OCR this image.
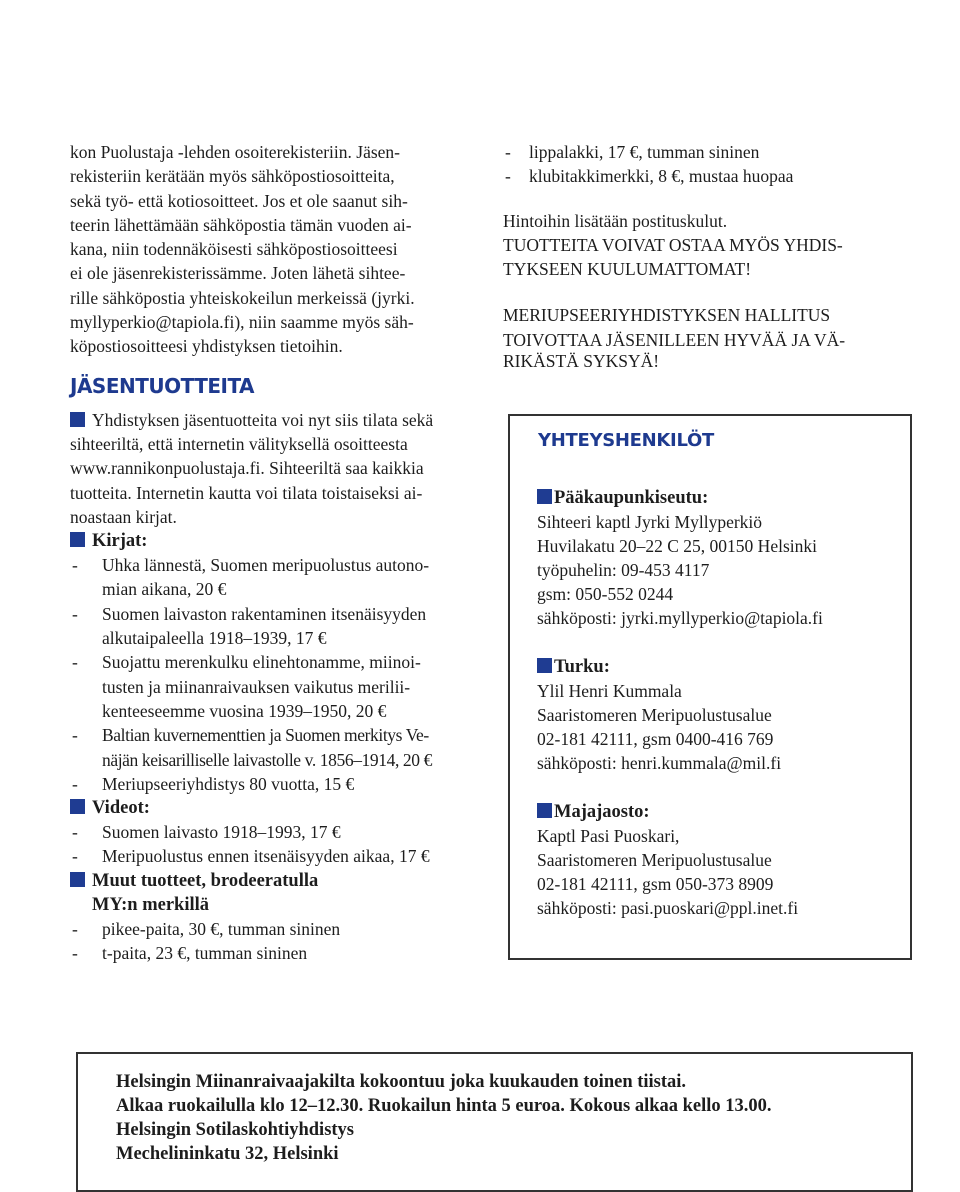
kon Puolustaja -lehden osoiterekisteriin. Jäsen-
rekisteriin kerätään myös sähköpostiosoitteita,
sekä työ- että kotiosoitteet. Jos et ole saanut sih-
teerin lähettämään sähköpostia tämän vuoden ai-
kana, niin todennäköisesti sähköpostiosoitteesi
ei ole jäsenrekisterissämme. Joten lähetä sihtee-
rille sähköpostia yhteiskokeilun merkeissä (jyrki.
myllyperkio@tapiola.fi), niin saamme myös säh-
köpostiosoitteesi yhdistyksen tietoihin.
JÄSENTUOTTEITA
Yhdistyksen jäsentuotteita voi nyt siis tilata sekä
sihteeriltä, että internetin välityksellä osoitteesta
www.rannikonpuolustaja.fi. Sihteeriltä saa kaikkia
tuotteita. Internetin kautta voi tilata toistaiseksi ai-
noastaan kirjat.
Kirjat:
- Uhka lännestä, Suomen meripuolustus autono-
mian aikana, 20 €
- Suomen laivaston rakentaminen itsenäisyyden
alkutaipaleella 1918–1939, 17 €
- Suojattu merenkulku elinehtonamme, miinoi-
tusten ja miinanraivauksen vaikutus merilii-
kenteeseemme vuosina 1939–1950, 20 €
- Baltian kuvernementtien ja Suomen merkitys Ve-
näjän keisarilliselle laivastolle v. 1856–1914, 20 €
- Meriupseeriyhdistys 80 vuotta, 15 €
Videot:
- Suomen laivasto 1918–1993, 17 €
- Meripuolustus ennen itsenäisyyden aikaa, 17 €
Muut tuotteet, brodeeratulla
MY:n merkillä
- pikee-paita, 30 €, tumman sininen
- t-paita, 23 €, tumman sininen
- lippalakki, 17 €, tumman sininen
- klubitakkimerkki, 8 €, mustaa huopaa
Hintoihin lisätään postituskulut.
TUOTTEITA VOIVAT OSTAA MYÖS YHDIS-
TYKSEEN KUULUMATTOMAT!
MERIUPSEERIYHDISTYKSEN HALLITUS
TOIVOTTAA JÄSENILLEEN HYVÄÄ JA VÄ-
RIKÄSTÄ SYKSYÄ!
YHTEYSHENKILÖT
Pääkaupunkiseutu:
Sihteeri kaptl Jyrki Myllyperkiö
Huvilakatu 20–22 C 25, 00150 Helsinki
työpuhelin: 09-453 4117
gsm: 050-552 0244
sähköposti: jyrki.myllyperkio@tapiola.fi
Turku:
Ylil Henri Kummala
Saaristomeren Meripuolustusalue
02-181 42111, gsm 0400-416 769
sähköposti: henri.kummala@mil.fi
Majajaosto:
Kaptl Pasi Puoskari,
Saaristomeren Meripuolustusalue
02-181 42111, gsm 050-373 8909
sähköposti: pasi.puoskari@ppl.inet.fi
Helsingin Miinanraivaajakilta kokoontuu joka kuukauden toinen tiistai.
Alkaa ruokailulla klo 12–12.30. Ruokailun hinta 5 euroa. Kokous alkaa kello 13.00.
Helsingin Sotilaskohtiyhdistys
Mechelininkatu 32, Helsinki
